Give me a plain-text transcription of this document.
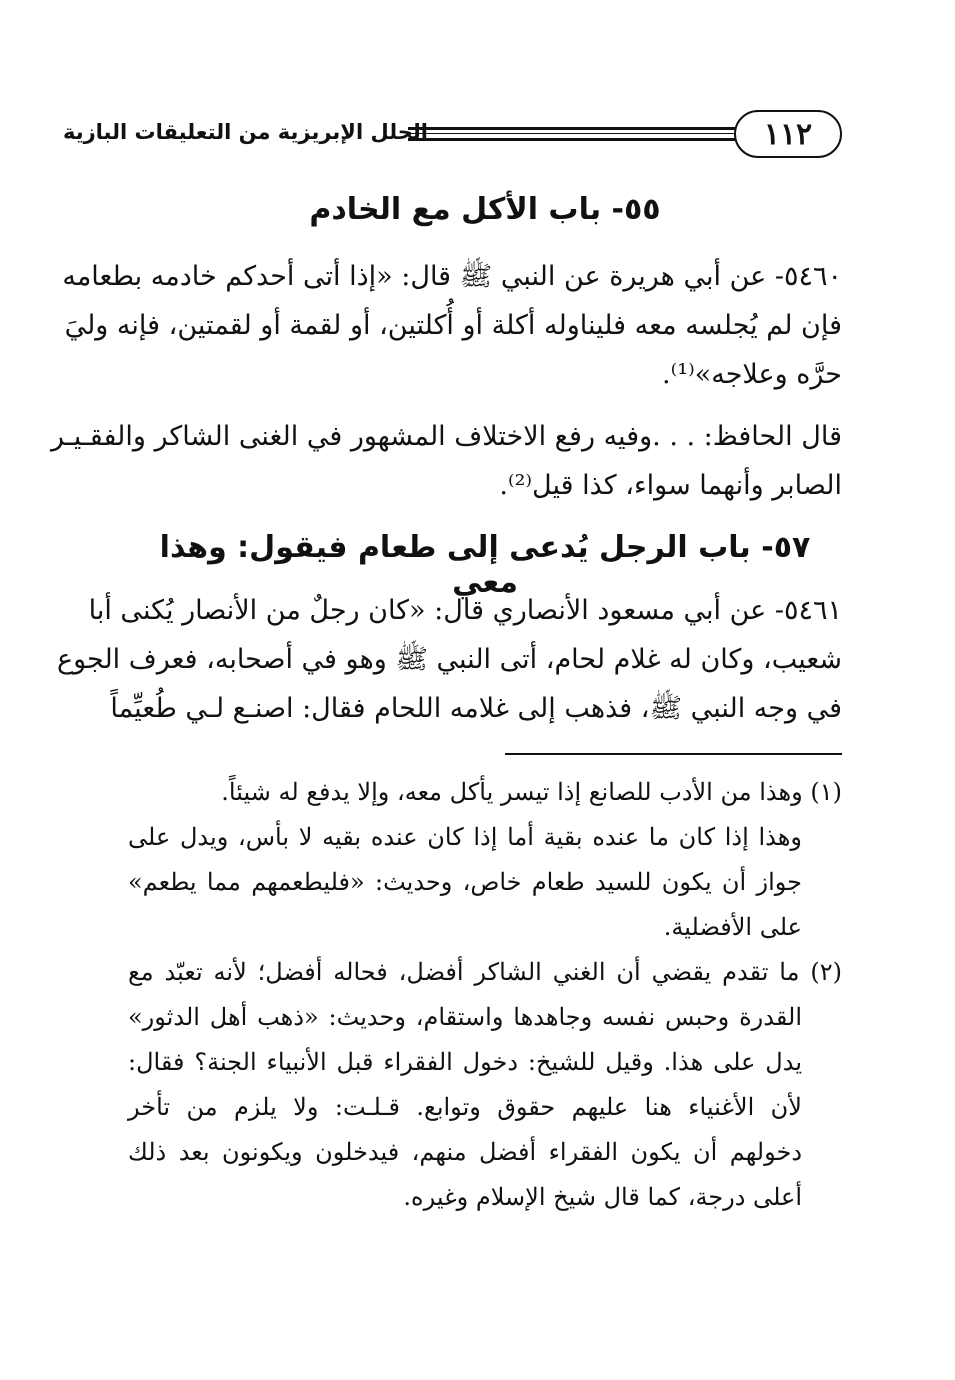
١١٢
الحلل الإبريزية من التعليقات البازية
٥٥- باب الأكل مع الخادم
٥٤٦٠- عن أبي هريرة عن النبي ﷺ قال: «إذا أتى أحدكم خادمه بطعامه
فإن لم يُجلسه معه فليناوله أكلة أو أُكلتين، أو لقمة أو لقمتين، فإنه وليَ
حرَّه وعلاجه»⁽¹⁾.
قال الحافظ: . . .وفيه رفع الاختلاف المشهور في الغنى الشاكر والفقـيـر
الصابر وأنهما سواء، كذا قيل⁽²⁾.
٥٧- باب الرجل يُدعى إلى طعام فيقول: وهذا معي
٥٤٦١- عن أبي مسعود الأنصاري قال: «كان رجلٌ من الأنصار يُكنى أبا
شعيب، وكان له غلام لحام، أتى النبي ﷺ وهو في أصحابه، فعرف الجوع
في وجه النبي ﷺ، فذهب إلى غلامه اللحام فقال: اصنـع لـي طُعيِّماً
(١) وهذا من الأدب للصانع إذا تيسر يأكل معه، وإلا يدفع له شيئاً.
وهذا إذا كان ما عنده بقية أما إذا كان عنده بقيه لا بأس، ويدل على
جواز أن يكون للسيد طعام خاص، وحديث: «فليطعمهم مما يطعم»
على الأفضلية.
(٢) ما تقدم يقضي أن الغني الشاكر أفضل، فحاله أفضل؛ لأنه تعبّد مع
القدرة وحبس نفسه وجاهدها واستقام، وحديث: «ذهب أهل الدثور»
يدل على هذا. وقيل للشيخ: دخول الفقراء قبل الأنبياء الجنة؟ فقال:
لأن الأغنياء هنا عليهم حقوق وتوابع. قـلـت: ولا يلزم من تأخر
دخولهم أن يكون الفقراء أفضل منهم، فيدخلون ويكونون بعد ذلك
أعلى درجة، كما قال شيخ الإسلام وغيره.
